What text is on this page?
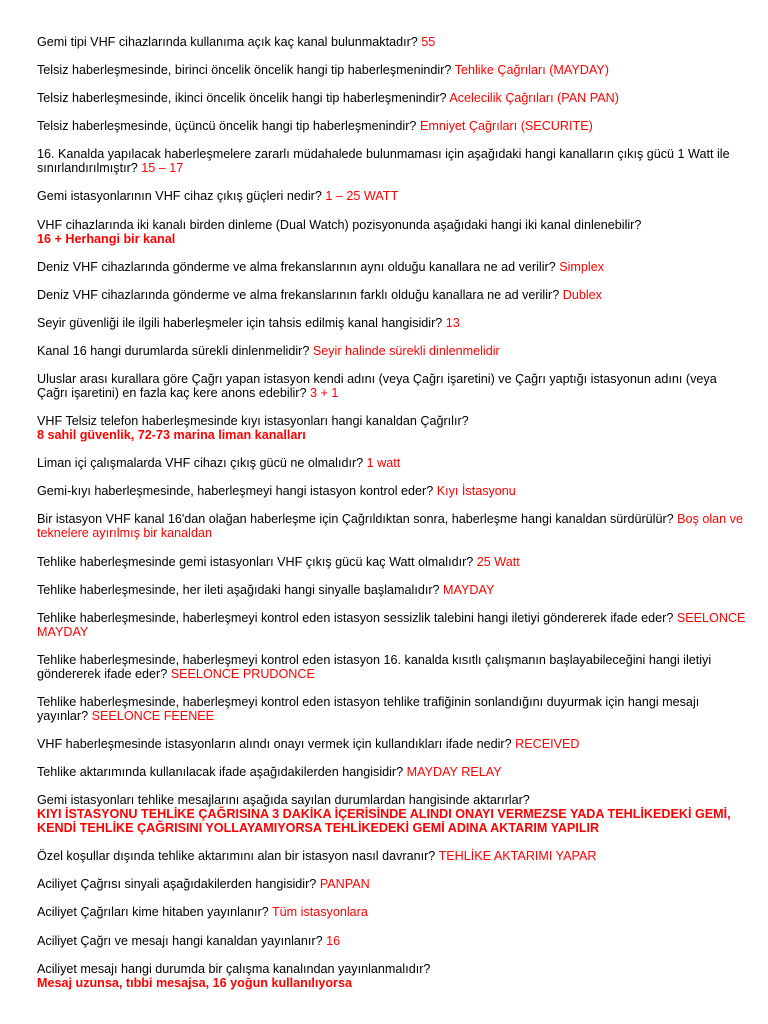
Gemi tipi VHF cihazlarında kullanıma açık kaç kanal bulunmaktadır? 55
Telsiz haberleşmesinde, birinci öncelik öncelik hangi tip haberleşmenindir? Tehlike Çağrıları (MAYDAY)
Telsiz haberleşmesinde, ikinci öncelik öncelik hangi tip haberleşmenindir? Acelecilik Çağrıları (PAN PAN)
Telsiz haberleşmesinde, üçüncü öncelik hangi tip haberleşmenindir? Emniyet Çağrıları (SECURITE)
16. Kanalda yapılacak haberleşmelere zararlı müdahalede bulunmaması için aşağıdaki hangi kanalların çıkış gücü 1 Watt ile sınırlandırılmıştır? 15 – 17
Gemi istasyonlarının VHF cihaz çıkış güçleri nedir? 1 – 25 WATT
VHF cihazlarında iki kanalı birden dinleme (Dual Watch) pozisyonunda aşağıdaki hangi iki kanal dinlenebilir?
16 + Herhangi bir kanal
Deniz VHF cihazlarında gönderme ve alma frekanslarının aynı olduğu kanallara ne ad verilir? Simplex
Deniz VHF cihazlarında gönderme ve alma frekanslarının farklı olduğu kanallara ne ad verilir? Dublex
Seyir güvenliği ile ilgili haberleşmeler için tahsis edilmiş kanal hangisidir? 13
Kanal 16 hangi durumlarda sürekli dinlenmelidir? Seyir halinde sürekli dinlenmelidir
Uluslar arası kurallara göre Çağrı yapan istasyon kendi adını (veya Çağrı işaretini) ve Çağrı yaptığı istasyonun adını (veya Çağrı işaretini) en fazla kaç kere anons edebilir? 3 + 1
VHF Telsiz telefon haberleşmesinde kıyı istasyonları hangi kanaldan Çağrılır?
8 sahil güvenlik, 72-73 marina liman kanalları
Liman içi çalışmalarda VHF cihazı çıkış gücü ne olmalıdır? 1 watt
Gemi-kıyı haberleşmesinde, haberleşmeyi hangi istasyon kontrol eder? Kıyı İstasyonu
Bir istasyon VHF kanal 16'dan olağan haberleşme için Çağrıldıktan sonra, haberleşme hangi kanaldan sürdürülür? Boş olan ve teknelere ayırılmış bir kanaldan
Tehlike haberleşmesinde gemi istasyonları VHF çıkış gücü kaç Watt olmalıdır? 25 Watt
Tehlike haberleşmesinde, her ileti aşağıdaki hangi sinyalle başlamalıdır? MAYDAY
Tehlike haberleşmesinde, haberleşmeyi kontrol eden istasyon sessizlik talebini hangi iletiyi göndererek ifade eder? SEELONCE MAYDAY
Tehlike haberleşmesinde, haberleşmeyi kontrol eden istasyon 16. kanalda kısıtlı çalışmanın başlayabileceğini hangi iletiyi göndererek ifade eder? SEELONCE PRUDONCE
Tehlike haberleşmesinde, haberleşmeyi kontrol eden istasyon tehlike trafiğinin sonlandığını duyurmak için hangi mesajı yayınlar? SEELONCE FEENEE
VHF haberleşmesinde istasyonların alındı onayı vermek için kullandıkları ifade nedir? RECEIVED
Tehlike aktarımında kullanılacak ifade aşağıdakilerden hangisidir? MAYDAY RELAY
Gemi istasyonları tehlike mesajlarını aşağıda sayılan durumlardan hangisinde aktarırlar?
KIYI İSTASYONU TEHLİKE ÇAĞRISINA 3 DAKİKA İÇERİSİNDE ALINDI ONAYI VERMEZSE YADA TEHLİKEDEKİ GEMİ, KENDİ TEHLİKE ÇAĞRISINI YOLLAYAMIYORSA TEHLİKEDEKİ GEMİ ADINA AKTARIM YAPILIR
Özel koşullar dışında tehlike aktarımını alan bir istasyon nasıl davranır? TEHLİKE AKTARIMI YAPAR
Aciliyet Çağrısı sinyali aşağıdakilerden hangisidir? PANPAN
Aciliyet Çağrıları kime hitaben yayınlanır? Tüm istasyonlara
Aciliyet Çağrı ve mesajı hangi kanaldan yayınlanır? 16
Aciliyet mesajı hangi durumda bir çalışma kanalından yayınlanmalıdır?
Mesaj uzunsa, tıbbi mesajsa, 16 yoğun kullanılıyorsa
